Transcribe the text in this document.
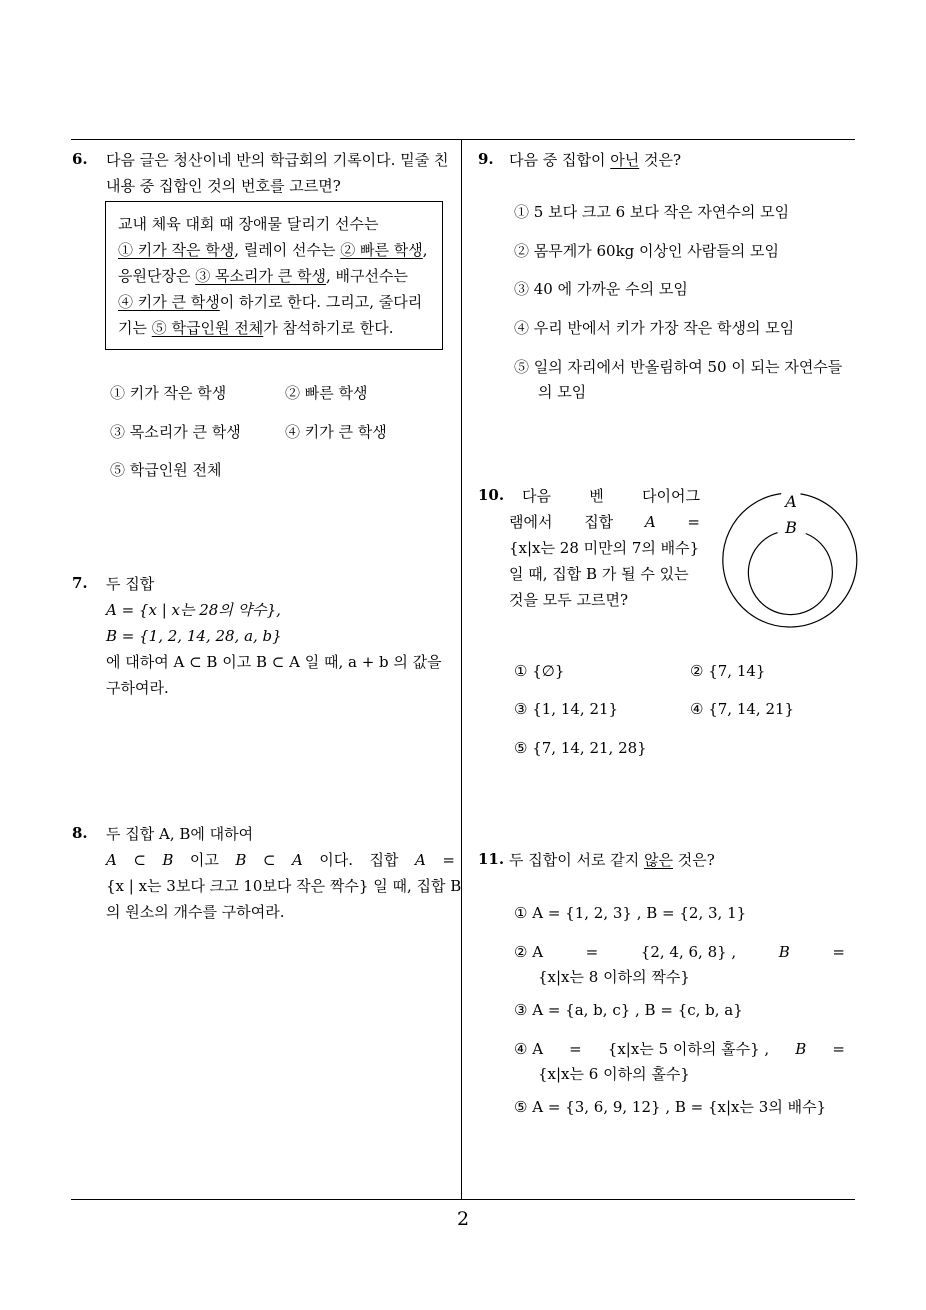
6. 다음 글은 청산이네 반의 학급회의 기록이다. 밑줄 친
내용 중 집합인 것의 번호를 고르면?
교내 체육 대회 때 장애물 달리기 선수는
① 키가 작은 학생, 릴레이 선수는 ② 빠른 학생,
응원단장은 ③ 목소리가 큰 학생, 배구선수는
④ 키가 큰 학생이 하기로 한다. 그리고, 줄다리
기는 ⑤ 학급인원 전체가 참석하기로 한다.
① 키가 작은 학생	② 빠른 학생
③ 목소리가 큰 학생	④ 키가 큰 학생
⑤ 학급인원 전체
7. 두 집합
A = {x | x는 28의 약수},
B = {1, 2, 14, 28, a, b}
에 대하여 A ⊂ B 이고 B ⊂ A 일 때, a + b 의 값을
구하여라.
8. 두 집합 A, B에 대하여
A ⊂ B 이고 B ⊂ A 이다. 집합 A =
{x | x는 3보다 크고 10보다 작은 짝수} 일 때, 집합 B
의 원소의 개수를 구하여라.
9. 다음 중 집합이 아닌 것은?
① 5 보다 크고 6 보다 작은 자연수의 모임
② 몸무게가 60kg 이상인 사람들의 모임
③ 40 에 가까운 수의 모임
④ 우리 반에서 키가 가장 작은 학생의 모임
⑤ 일의 자리에서 반올림하여 50 이 되는 자연수들
의 모임
10. 다음	벤	다이어그
램에서 집합 A =
{x|x는 28 미만의 7의 배수}
일 때, 집합 B 가 될 수 있는
것을 모두 고르면?
A
B
① {∅}	② {7, 14}
③ {1, 14, 21}	④ {7, 14, 21}
⑤ {7, 14, 21, 28}
11. 두 집합이 서로 같지 않은 것은?
① A = {1, 2, 3} , B = {2, 3, 1}
② A	=	{2, 4, 6, 8} ,	B	=
{x|x는 8 이하의 짝수}
③ A = {a, b, c} , B = {c, b, a}
④ A = {x|x는 5 이하의 홀수} , B =
{x|x는 6 이하의 홀수}
⑤ A = {3, 6, 9, 12} , B = {x|x는 3의 배수}
2
